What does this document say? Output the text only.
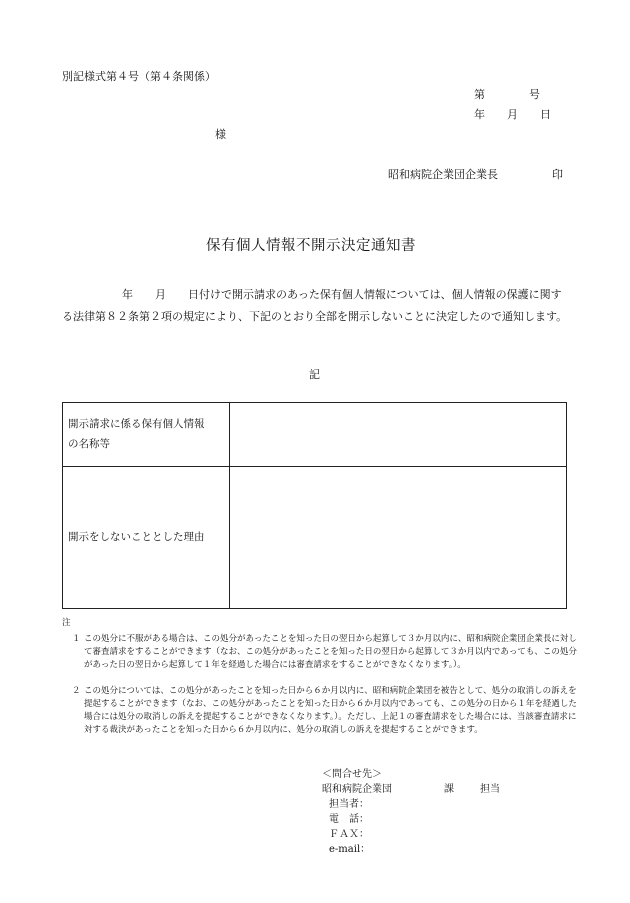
別記様式第４号（第４条関係）
第　　　　号
年　　月　　日
様
昭和病院企業団企業長	印
保有個人情報不開示決定通知書

年　　月　　日付けで開示請求のあった保有個人情報については、個人情報の保護に関する法律第８２条第２項の規定により、下記のとおり全部を開示しないことに決定したので通知します。

記
開示請求に係る保有個人情報
の名称等
開示をしないこととした理由
注

１ この処分に不服がある場合は、この処分があったことを知った日の翌日から起算して３か月以内に、昭和病院企業団企業長に対して審査請求をすることができます（なお、この処分があったことを知った日の翌日から起算して３か月以内であっても、この処分があった日の翌日から起算して１年を経過した場合には審査請求をすることができなくなります。）。

２ この処分については、この処分があったことを知った日から６か月以内に、昭和病院企業団を被告として、処分の取消しの訴えを提起することができます（なお、この処分があったことを知った日から６か月以内であっても、この処分の日から１年を経過した場合には処分の取消しの訴えを提起することができなくなります。）。ただし、上記１の審査請求をした場合には、当該審査請求に対する裁決があったことを知った日から６か月以内に、処分の取消しの訴えを提起することができます。

＜問合せ先＞
昭和病院企業団	課	担当
担当者：
電　話：
ＦＡＸ：
e-mail：
